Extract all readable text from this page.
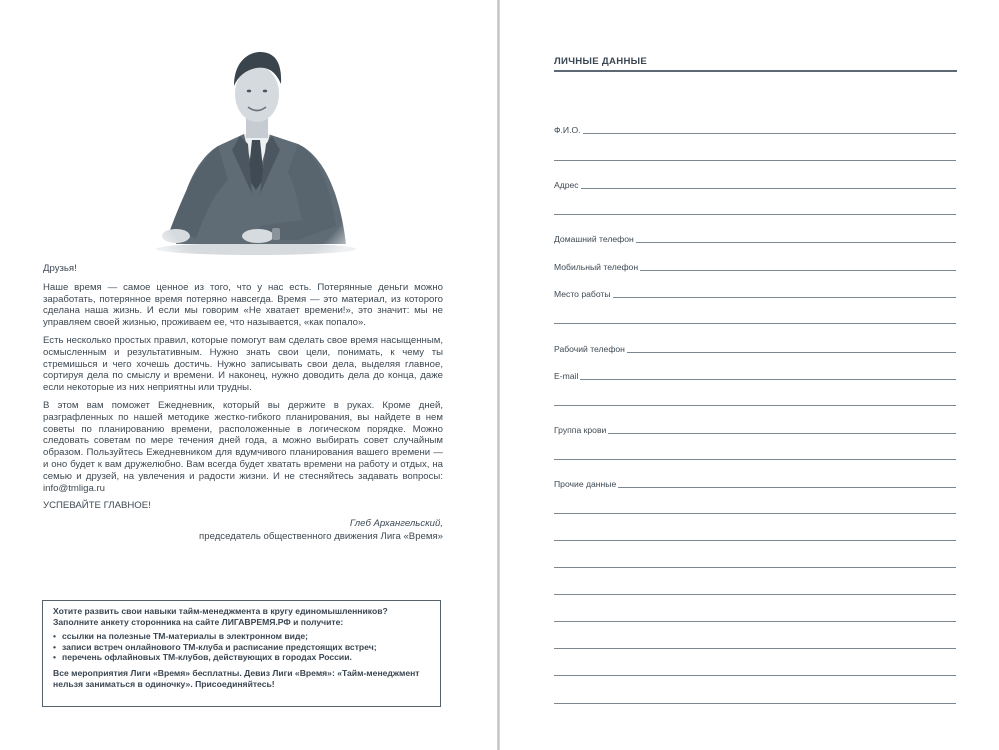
Друзья!

Наше время — самое ценное из того, что у нас есть. Потерянные деньги можно заработать, потерянное время потеряно навсегда. Время — это материал, из которого сделана наша жизнь. И если мы говорим «Не хватает времени!», это значит: мы не управляем своей жизнью, проживаем ее, что называется, «как попало».

Есть несколько простых правил, которые помогут вам сделать свое время насыщенным, осмысленным и результативным. Нужно знать свои цели, понимать, к чему ты стремишься и чего хочешь достичь. Нужно записывать свои дела, выделяя главное, сортируя дела по смыслу и времени. И наконец, нужно доводить дела до конца, даже если некоторые из них неприятны или трудны.

В этом вам поможет Ежедневник, который вы держите в руках. Кроме дней, разграфленных по нашей методике жестко-гибкого планирования, вы найдете в нем советы по планированию времени, расположенные в логическом порядке. Можно следовать советам по мере течения дней года, а можно выбирать совет случайным образом. Пользуйтесь Ежедневником для вдумчивого планирования вашего времени — и оно будет к вам дружелюбно. Вам всегда будет хватать времени на работу и отдых, на семью и друзей, на увлечения и радости жизни. И не стесняйтесь задавать вопросы: info@tmliga.ru

УСПЕВАЙТЕ ГЛАВНОЕ!

Глеб Архангельский,
председатель общественного движения Лига «Время»

Хотите развить свои навыки тайм-менеджмента в кругу единомышленников? Заполните анкету сторонника на сайте ЛИГАВРЕМЯ.РФ и получите:

• ссылки на полезные ТМ-материалы в электронном виде;
• записи встреч онлайнового ТМ-клуба и расписание предстоящих встреч;
• перечень офлайновых ТМ-клубов, действующих в городах России.

Все мероприятия Лиги «Время» бесплатны. Девиз Лиги «Время»: «Тайм-менеджмент нельзя заниматься в одиночку». Присоединяйтесь!

ЛИЧНЫЕ ДАННЫЕ
Ф.И.О.
Адрес
Домашний телефон
Мобильный телефон
Место работы
Рабочий телефон
E-mail
Группа крови
Прочие данные
